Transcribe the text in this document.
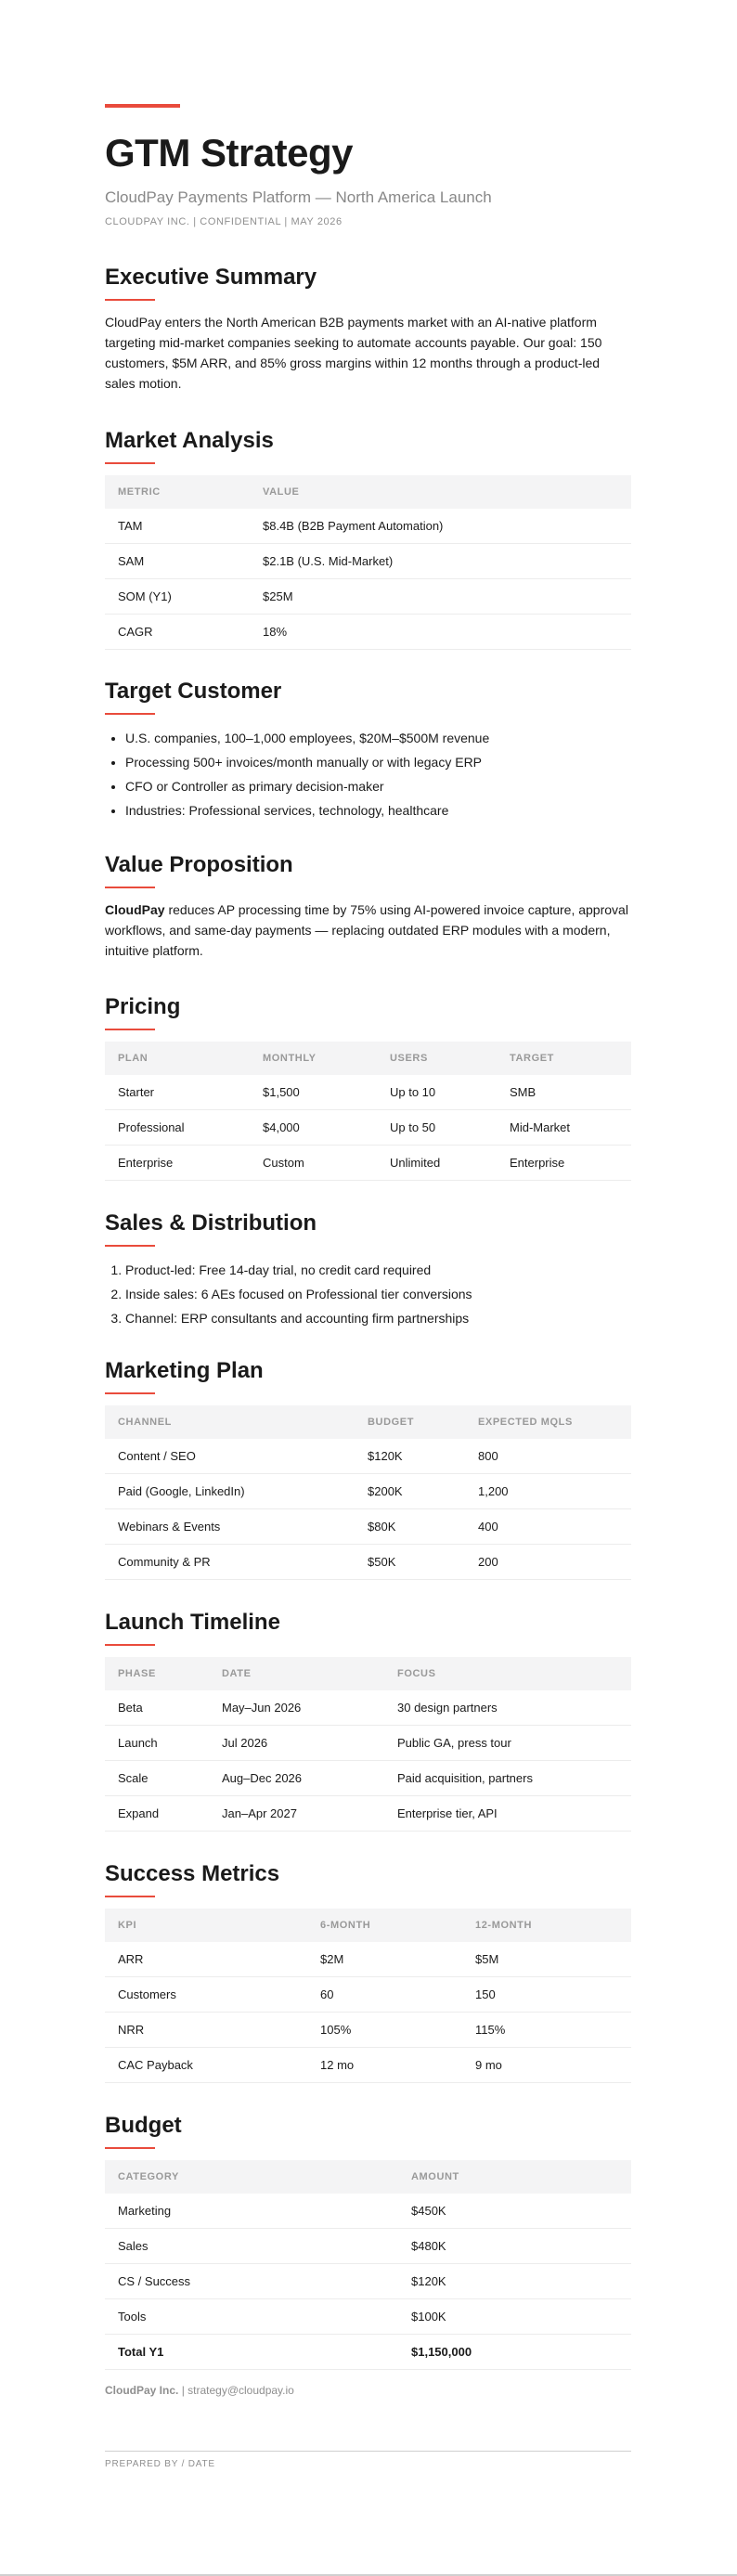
GTM Strategy
CloudPay Payments Platform — North America Launch
CLOUDPAY INC. | CONFIDENTIAL | MAY 2026
Executive Summary

CloudPay enters the North American B2B payments market with an AI-native platform targeting mid-market companies seeking to automate accounts payable. Our goal: 150 customers, $5M ARR, and 85% gross margins within 12 months through a product-led sales motion.

Market Analysis
METRIC	VALUE
TAM	$8.4B (B2B Payment Automation)
SAM	$2.1B (U.S. Mid-Market)
SOM (Y1)	$25M
CAGR	18%
Target Customer
• U.S. companies, 100–1,000 employees, $20M–$500M revenue
• Processing 500+ invoices/month manually or with legacy ERP
• CFO or Controller as primary decision-maker
• Industries: Professional services, technology, healthcare
Value Proposition

CloudPay reduces AP processing time by 75% using AI-powered invoice capture, approval workflows, and same-day payments — replacing outdated ERP modules with a modern, intuitive platform.

Pricing
PLAN	MONTHLY	USERS	TARGET
Starter	$1,500	Up to 10	SMB
Professional	$4,000	Up to 50	Mid-Market
Enterprise	Custom	Unlimited	Enterprise
Sales & Distribution
1. Product-led: Free 14-day trial, no credit card required
2. Inside sales: 6 AEs focused on Professional tier conversions
3. Channel: ERP consultants and accounting firm partnerships
Marketing Plan
CHANNEL	BUDGET	EXPECTED MQLS
Content / SEO	$120K	800
Paid (Google, LinkedIn)	$200K	1,200
Webinars & Events	$80K	400
Community & PR	$50K	200
Launch Timeline
PHASE	DATE	FOCUS
Beta	May–Jun 2026	30 design partners
Launch	Jul 2026	Public GA, press tour
Scale	Aug–Dec 2026	Paid acquisition, partners
Expand	Jan–Apr 2027	Enterprise tier, API
Success Metrics
KPI	6-MONTH	12-MONTH
ARR	$2M	$5M
Customers	60	150
NRR	105%	115%
CAC Payback	12 mo	9 mo
Budget
CATEGORY	AMOUNT
Marketing	$450K
Sales	$480K
CS / Success	$120K
Tools	$100K
Total Y1	$1,150,000
CloudPay Inc. | strategy@cloudpay.io
PREPARED BY / DATE
